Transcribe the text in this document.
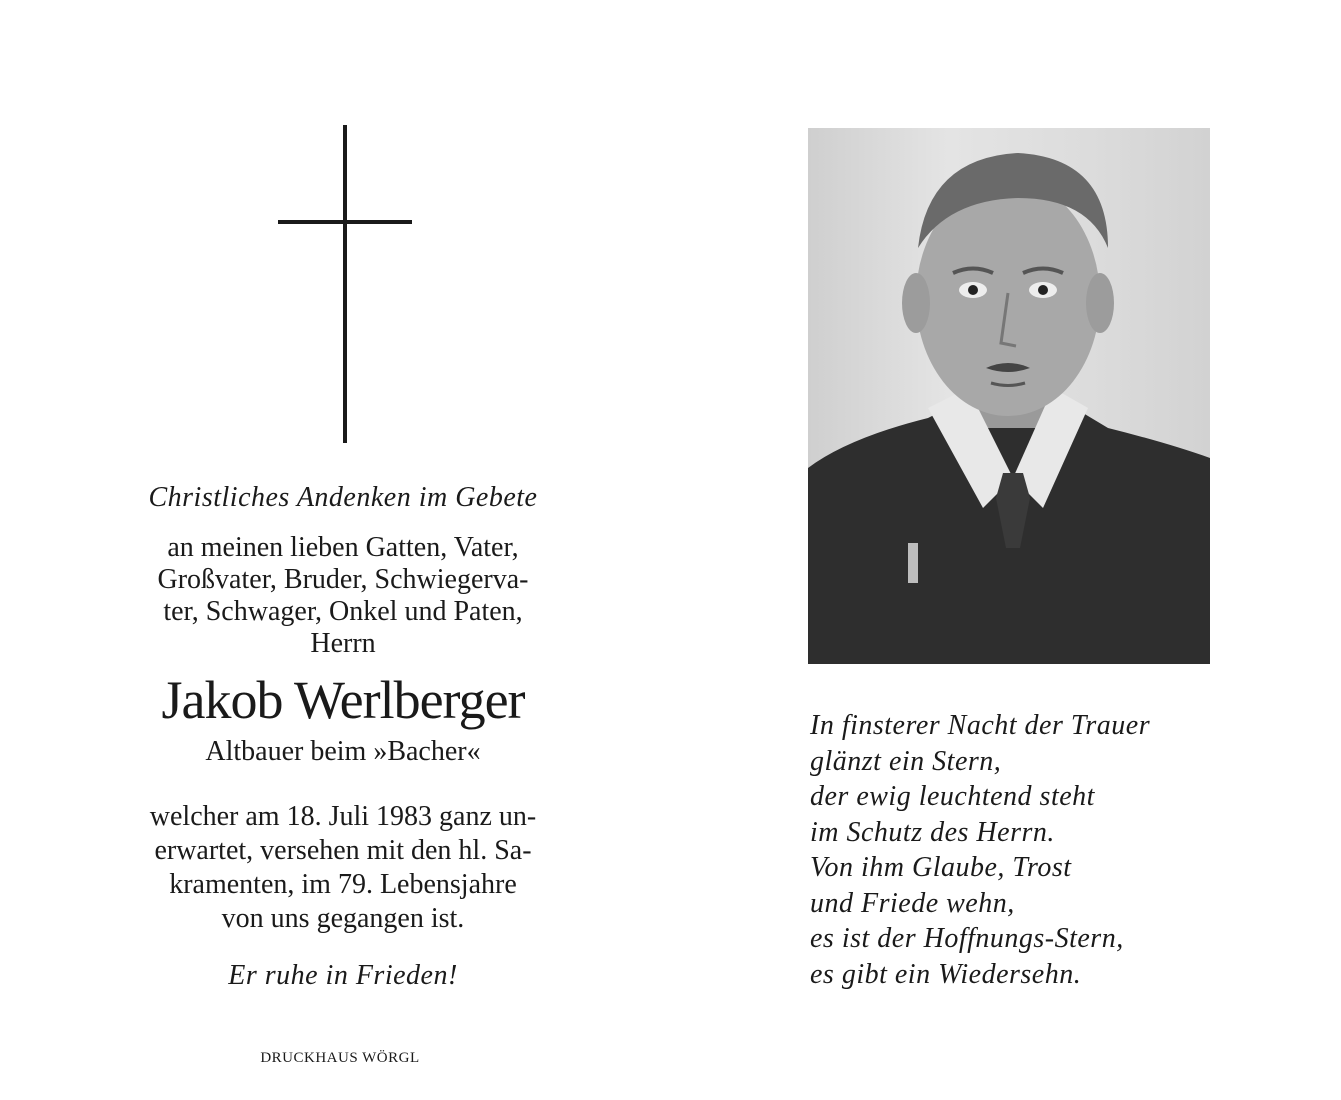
Christliches Andenken im Gebete
an meinen lieben Gatten, Vater,
Großvater, Bruder, Schwiegerva-
ter, Schwager, Onkel und Paten,
Herrn
Jakob Werlberger
Altbauer beim »Bacher«
welcher am 18. Juli 1983 ganz un-
erwartet, versehen mit den hl. Sa-
kramenten, im 79. Lebensjahre
von uns gegangen ist.
Er ruhe in Frieden!
DRUCKHAUS WÖRGL
In finsterer Nacht der Trauer
glänzt ein Stern,
der ewig leuchtend steht
im Schutz des Herrn.
Von ihm Glaube, Trost
und Friede wehn,
es ist der Hoffnungs-Stern,
es gibt ein Wiedersehn.
